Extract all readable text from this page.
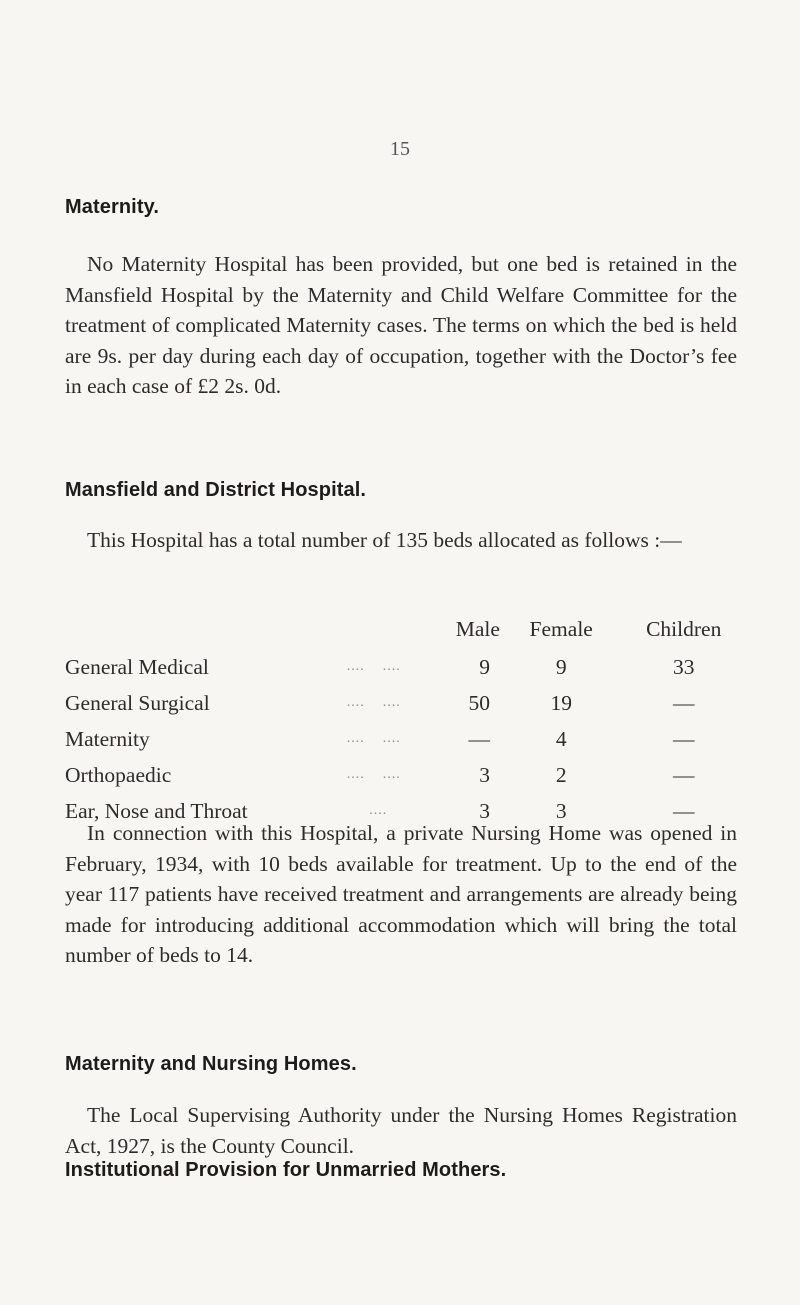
15
Maternity.

No Maternity Hospital has been provided, but one bed is retained in the Mansfield Hospital by the Maternity and Child Welfare Committee for the treatment of complicated Maternity cases. The terms on which the bed is held are 9s. per day during each day of occupation, together with the Doctor’s fee in each case of £2 2s. 0d.

Mansfield and District Hospital.

This Hospital has a total number of 135 beds allocated as follows :—

		Male	Female	Children
General Medical	....    ....	9	9	33
General Surgical	....    ....	50	19	—
Maternity	....    ....	—	4	—
Orthopaedic	....    ....	3	2	—
Ear, Nose and Throat	....	3	3	—

In connection with this Hospital, a private Nursing Home was opened in February, 1934, with 10 beds available for treatment. Up to the end of the year 117 patients have received treatment and arrangements are already being made for introducing additional accommodation which will bring the total number of beds to 14.

Maternity and Nursing Homes.

The Local Supervising Authority under the Nursing Homes Registration Act, 1927, is the County Council.

Institutional Provision for Unmarried Mothers.
